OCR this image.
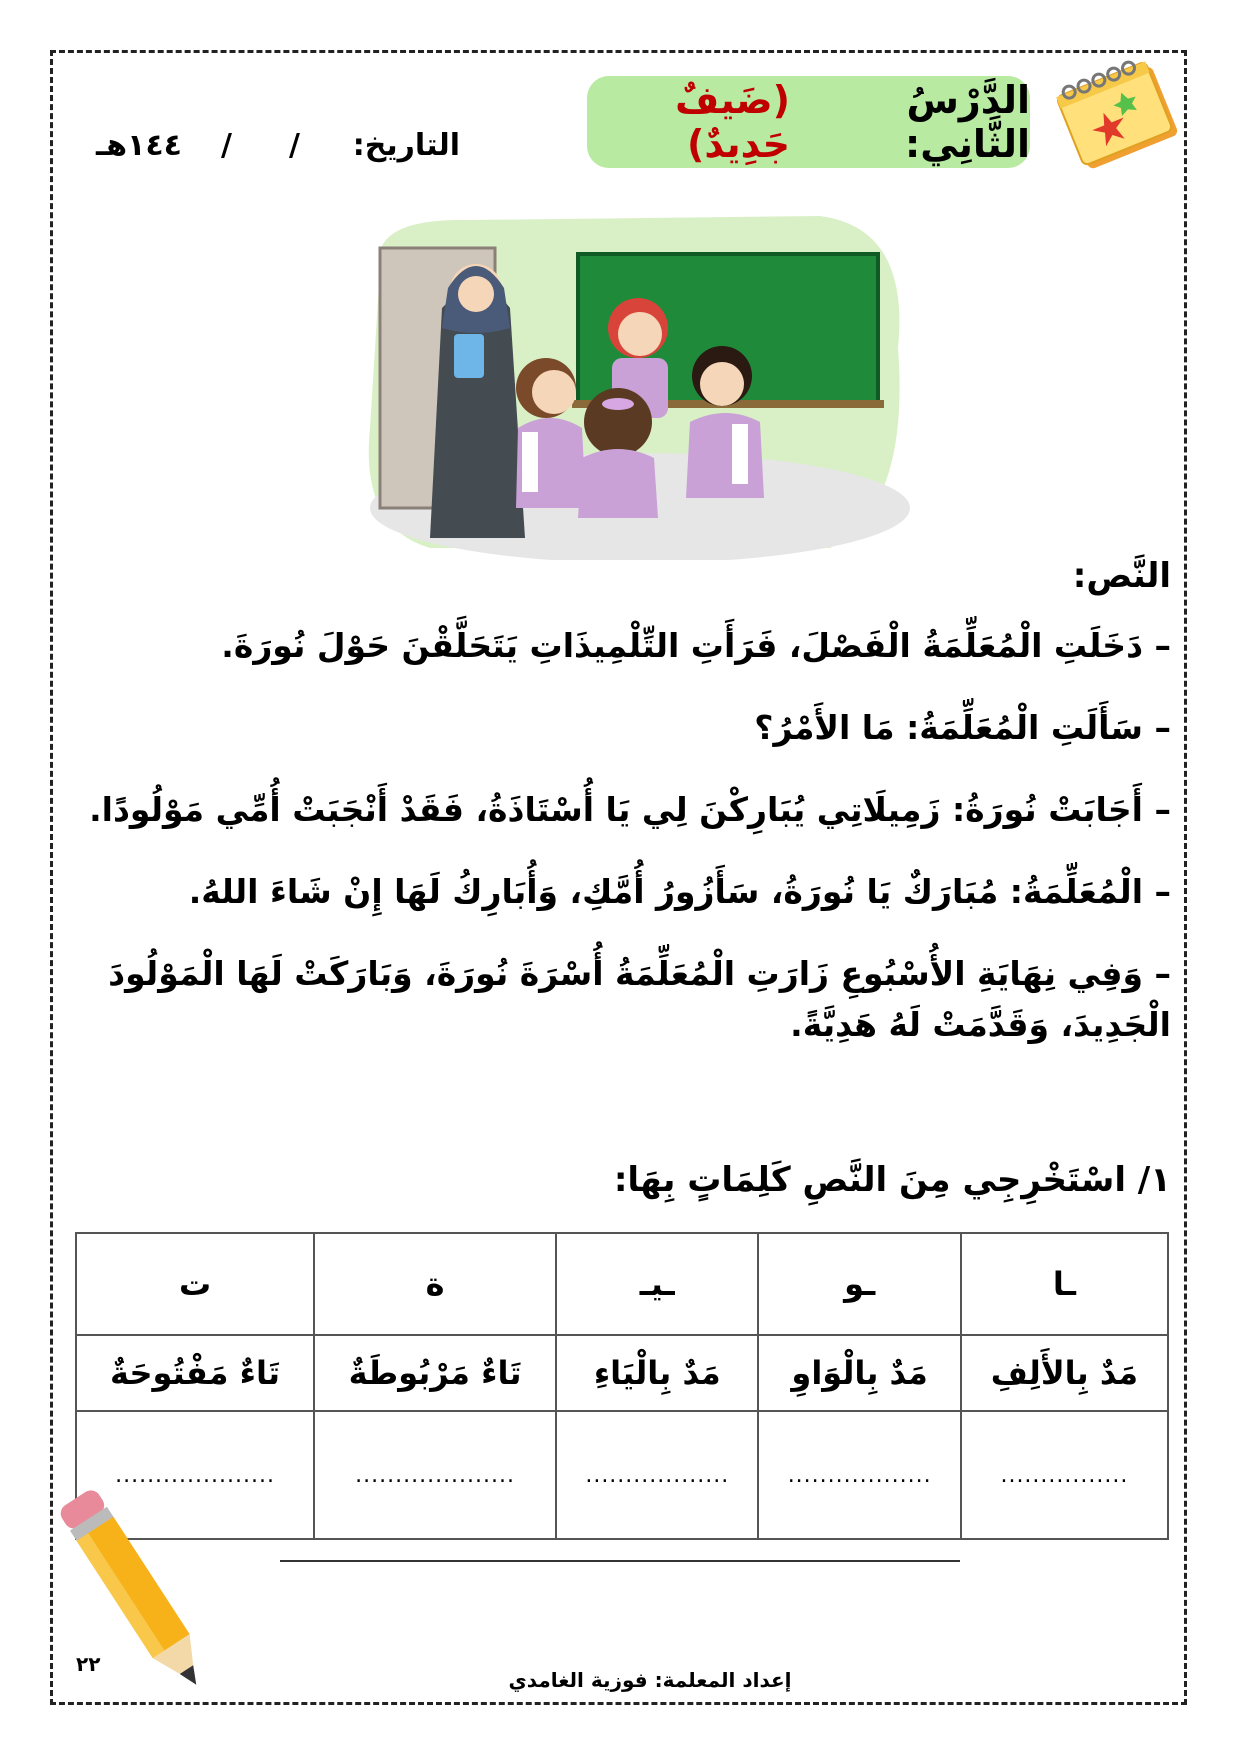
الدَّرْسُ الثَّانِي:
(ضَيفٌ جَدِيدٌ)
التاريخ:
/
/
١٤٤هـ
النَّص:
– دَخَلَتِ الْمُعَلِّمَةُ الْفَصْلَ، فَرَأَتِ التِّلْمِيذَاتِ يَتَحَلَّقْنَ حَوْلَ نُورَةَ.
– سَأَلَتِ الْمُعَلِّمَةُ: مَا الأَمْرُ؟
– أَجَابَتْ نُورَةُ: زَمِيلَاتِي يُبَارِكْنَ لِي يَا أُسْتَاذَةُ، فَقَدْ أَنْجَبَتْ أُمِّي مَوْلُودًا.
– الْمُعَلِّمَةُ: مُبَارَكٌ يَا نُورَةُ، سَأَزُورُ أُمَّكِ، وَأُبَارِكُ لَهَا إِنْ شَاءَ اللهُ.
– وَفِي نِهَايَةِ الأُسْبُوعِ زَارَتِ الْمُعَلِّمَةُ أُسْرَةَ نُورَةَ، وَبَارَكَتْ لَهَا الْمَوْلُودَ الْجَدِيدَ، وَقَدَّمَتْ لَهُ هَدِيَّةً.
١/ اسْتَخْرِجِي مِنَ النَّصِ كَلِمَاتٍ بِهَا:
ـا	ـو	ـيـ	ة	ت
مَدٌ بِالأَلِفِ	مَدٌ بِالْوَاوِ	مَدٌ بِالْيَاءِ	تَاءٌ مَرْبُوطَةٌ	تَاءٌ مَفْتُوحَةٌ
................	..................	..................	....................	....................
٢٢
إعداد المعلمة: فوزية الغامدي
